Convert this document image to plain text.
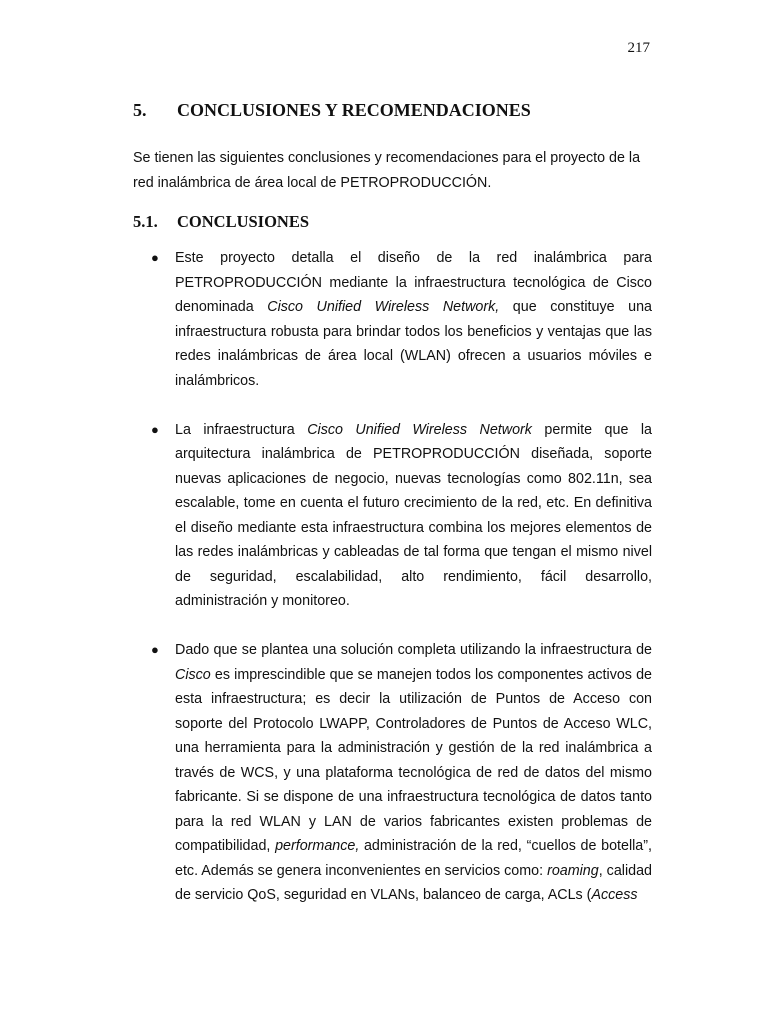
217
5. CONCLUSIONES Y RECOMENDACIONES

Se tienen las siguientes conclusiones y recomendaciones para el proyecto de la red inalámbrica de área local de PETROPRODUCCIÓN.

5.1. CONCLUSIONES
● Este proyecto detalla el diseño de la red inalámbrica para PETROPRODUCCIÓN mediante la infraestructura tecnológica de Cisco denominada Cisco Unified Wireless Network, que constituye una infraestructura robusta para brindar todos los beneficios y ventajas que las redes inalámbricas de área local (WLAN) ofrecen a usuarios móviles e inalámbricos.

● La infraestructura Cisco Unified Wireless Network permite que la arquitectura inalámbrica de PETROPRODUCCIÓN diseñada, soporte nuevas aplicaciones de negocio, nuevas tecnologías como 802.11n, sea escalable, tome en cuenta el futuro crecimiento de la red, etc. En definitiva el diseño mediante esta infraestructura combina los mejores elementos de las redes inalámbricas y cableadas de tal forma que tengan el mismo nivel de seguridad, escalabilidad, alto rendimiento, fácil desarrollo, administración y monitoreo.

● Dado que se plantea una solución completa utilizando la infraestructura de Cisco es imprescindible que se manejen todos los componentes activos de esta infraestructura; es decir la utilización de Puntos de Acceso con soporte del Protocolo LWAPP, Controladores de Puntos de Acceso WLC, una herramienta para la administración y gestión de la red inalámbrica a través de WCS, y una plataforma tecnológica de red de datos del mismo fabricante. Si se dispone de una infraestructura tecnológica de datos tanto para la red WLAN y LAN de varios fabricantes existen problemas de compatibilidad, performance, administración de la red, “cuellos de botella”, etc. Además se genera inconvenientes en servicios como: roaming, calidad de servicio QoS, seguridad en VLANs, balanceo de carga, ACLs (Access
